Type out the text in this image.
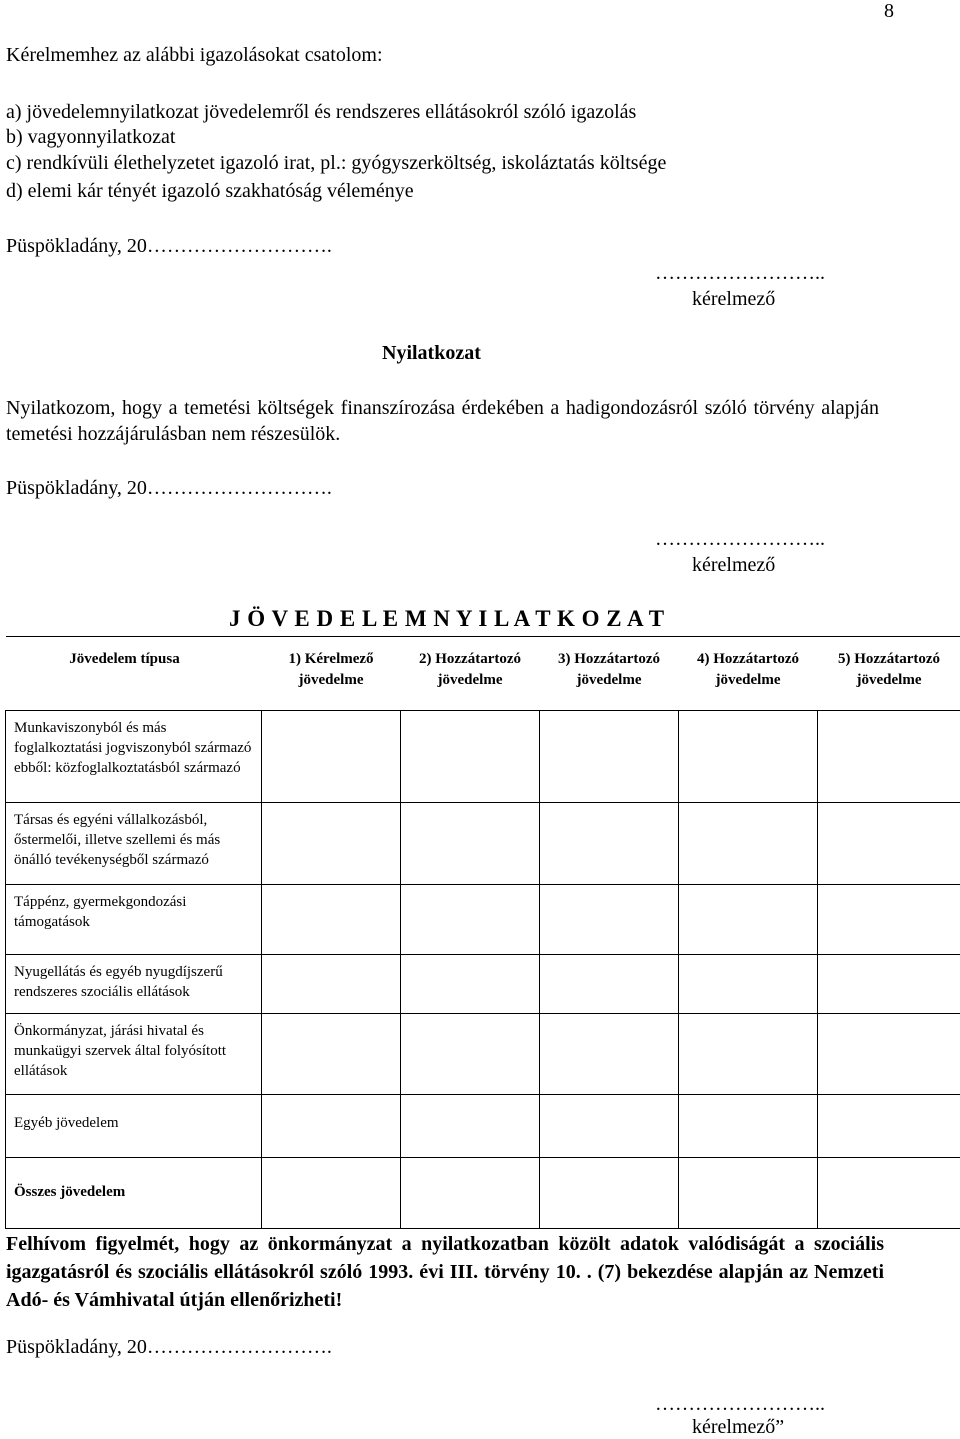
8
Kérelmemhez az alábbi igazolásokat csatolom:
a) jövedelemnyilatkozat jövedelemről és rendszeres ellátásokról szóló igazolás
b) vagyonnyilatkozat
c) rendkívüli élethelyzetet igazoló irat, pl.: gyógyszerköltség, iskoláztatás költsége
d) elemi kár tényét igazoló szakhatóság véleménye
Püspökladány, 20……………………….
……………………..
kérelmező
Nyilatkozat
Nyilatkozom, hogy a temetési költségek finanszírozása érdekében a hadigondozásról szóló törvény alapján temetési hozzájárulásban nem részesülök.
Püspökladány, 20……………………….
……………………..
kérelmező
J Ö V E D E L E M N Y I L A T K O Z A T
Jövedelem típusa	1) Kérelmező jövedelme	2) Hozzátartozó jövedelme	3) Hozzátartozó jövedelme	4) Hozzátartozó jövedelme	5) Hozzátartozó jövedelme

Munkaviszonyból és más foglalkoztatási jogviszonyból származó ebből: közfoglalkoztatásból származó					

Társas és egyéni vállalkozásból, őstermelői, illetve szellemi és más önálló tevékenységből származó					
Táppénz, gyermekgondozási támogatások					
Nyugellátás és egyéb nyugdíjszerű rendszeres szociális ellátások					
Önkormányzat, járási hivatal és munkaügyi szervek által folyósított ellátások					
Egyéb jövedelem					
Összes jövedelem					
Felhívom figyelmét, hogy az önkormányzat a nyilatkozatban közölt adatok valódiságát a szociális igazgatásról és szociális ellátásokról szóló 1993. évi III. törvény 10. . (7) bekezdése alapján az Nemzeti Adó- és Vámhivatal útján ellenőrizheti!
Püspökladány, 20……………………….
……………………..
kérelmező”
